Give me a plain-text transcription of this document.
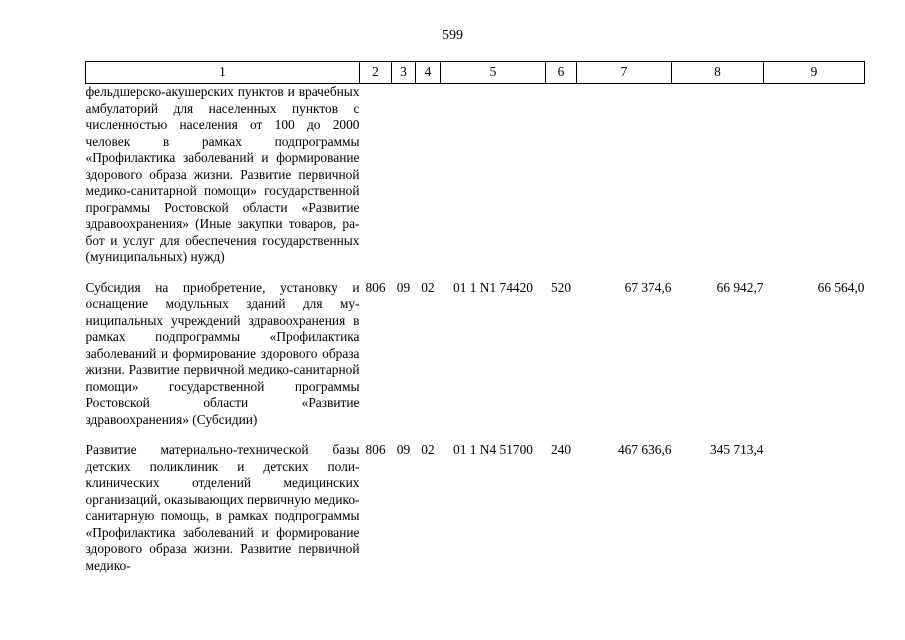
599
1	2	3	4	5	6	7	8	9
фельдшерско-акушерских пунктов и врачебных амбулаторий для населенных пунктов с численностью населения от 100 до 2000 человек в рамках подпрограммы «Профилактика заболеваний и формирование здорового образа жизни. Развитие первичной медико-санитарной помощи» государственной программы Ростовской области «Развитие здравоохранения» (Иные закупки товаров, работ и услуг для обеспечения государственных (муниципальных) нужд)								

Субсидия на приобретение, установку и оснащение модульных зданий для муниципальных учреждений здравоохранения в рамках подпрограммы «Профилактика заболеваний и формирование здорового образа жизни. Развитие первичной медико-санитарной помощи» государственной программы Ростовской области «Развитие здравоохранения» (Субсидии)	806	09	02	01 1 N1 74420	520	67 374,6	66 942,7	66 564,0

Развитие материально-технической базы детских поликлиник и детских поликлинических отделений медицинских организаций, оказывающих первичную медико-санитарную помощь, в рамках подпрограммы «Профилактика заболеваний и формирование здорового образа жизни. Развитие первичной медико-	806	09	02	01 1 N4 51700	240	467 636,6	345 713,4	
